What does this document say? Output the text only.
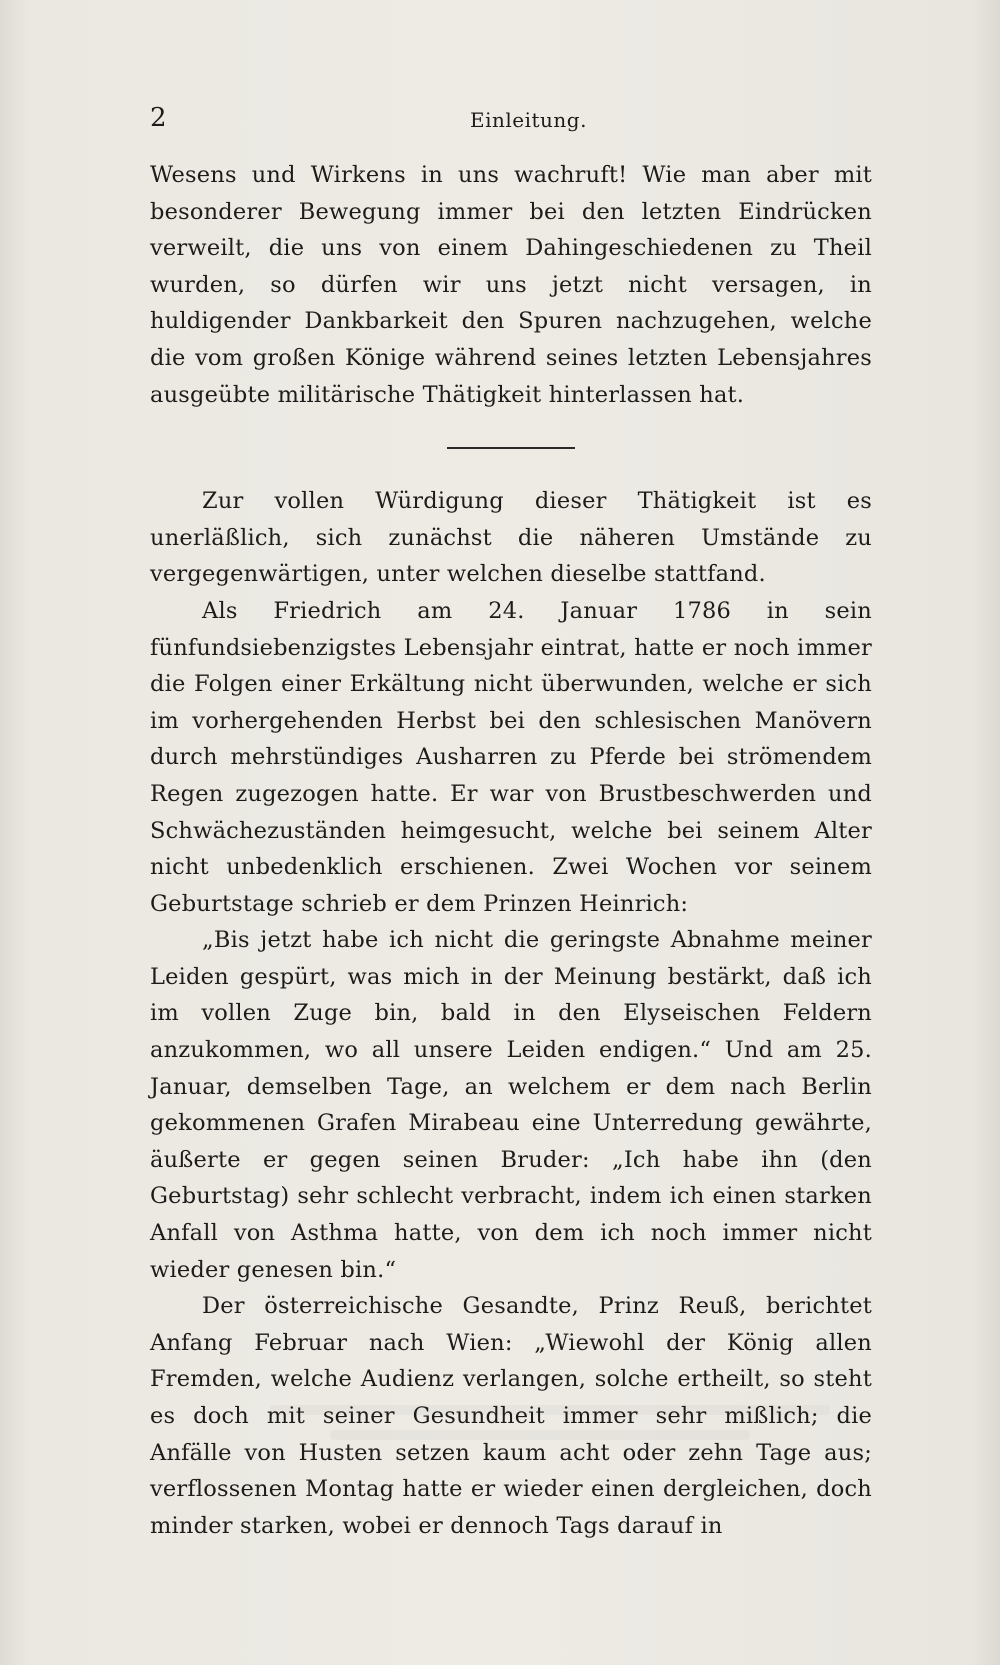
2	Einleitung.

Wesens und Wirkens in uns wachruft! Wie man aber mit besonderer Bewegung immer bei den letzten Eindrücken verweilt, die uns von einem Dahingeschiedenen zu Theil wurden, so dürfen wir uns jetzt nicht versagen, in huldigender Dankbarkeit den Spuren nachzugehen, welche die vom großen Könige während seines letzten Lebensjahres ausgeübte militärische Thätigkeit hinterlassen hat.

Zur vollen Würdigung dieser Thätigkeit ist es unerläßlich, sich zunächst die näheren Umstände zu vergegenwärtigen, unter welchen dieselbe stattfand.

Als Friedrich am 24. Januar 1786 in sein fünfundsiebenzigstes Lebensjahr eintrat, hatte er noch immer die Folgen einer Erkältung nicht überwunden, welche er sich im vorhergehenden Herbst bei den schlesischen Manövern durch mehrstündiges Ausharren zu Pferde bei strömendem Regen zugezogen hatte. Er war von Brustbeschwerden und Schwächezuständen heimgesucht, welche bei seinem Alter nicht unbedenklich erschienen. Zwei Wochen vor seinem Geburtstage schrieb er dem Prinzen Heinrich:

„Bis jetzt habe ich nicht die geringste Abnahme meiner Leiden gespürt, was mich in der Meinung bestärkt, daß ich im vollen Zuge bin, bald in den Elyseischen Feldern anzukommen, wo all unsere Leiden endigen.“ Und am 25. Januar, demselben Tage, an welchem er dem nach Berlin gekommenen Grafen Mirabeau eine Unterredung gewährte, äußerte er gegen seinen Bruder: „Ich habe ihn (den Geburtstag) sehr schlecht verbracht, indem ich einen starken Anfall von Asthma hatte, von dem ich noch immer nicht wieder genesen bin.“

Der österreichische Gesandte, Prinz Reuß, berichtet Anfang Februar nach Wien: „Wiewohl der König allen Fremden, welche Audienz verlangen, solche ertheilt, so steht es doch mit seiner Gesundheit immer sehr mißlich; die Anfälle von Husten setzen kaum acht oder zehn Tage aus; verflossenen Montag hatte er wieder einen dergleichen, doch minder starken, wobei er dennoch Tags darauf in
